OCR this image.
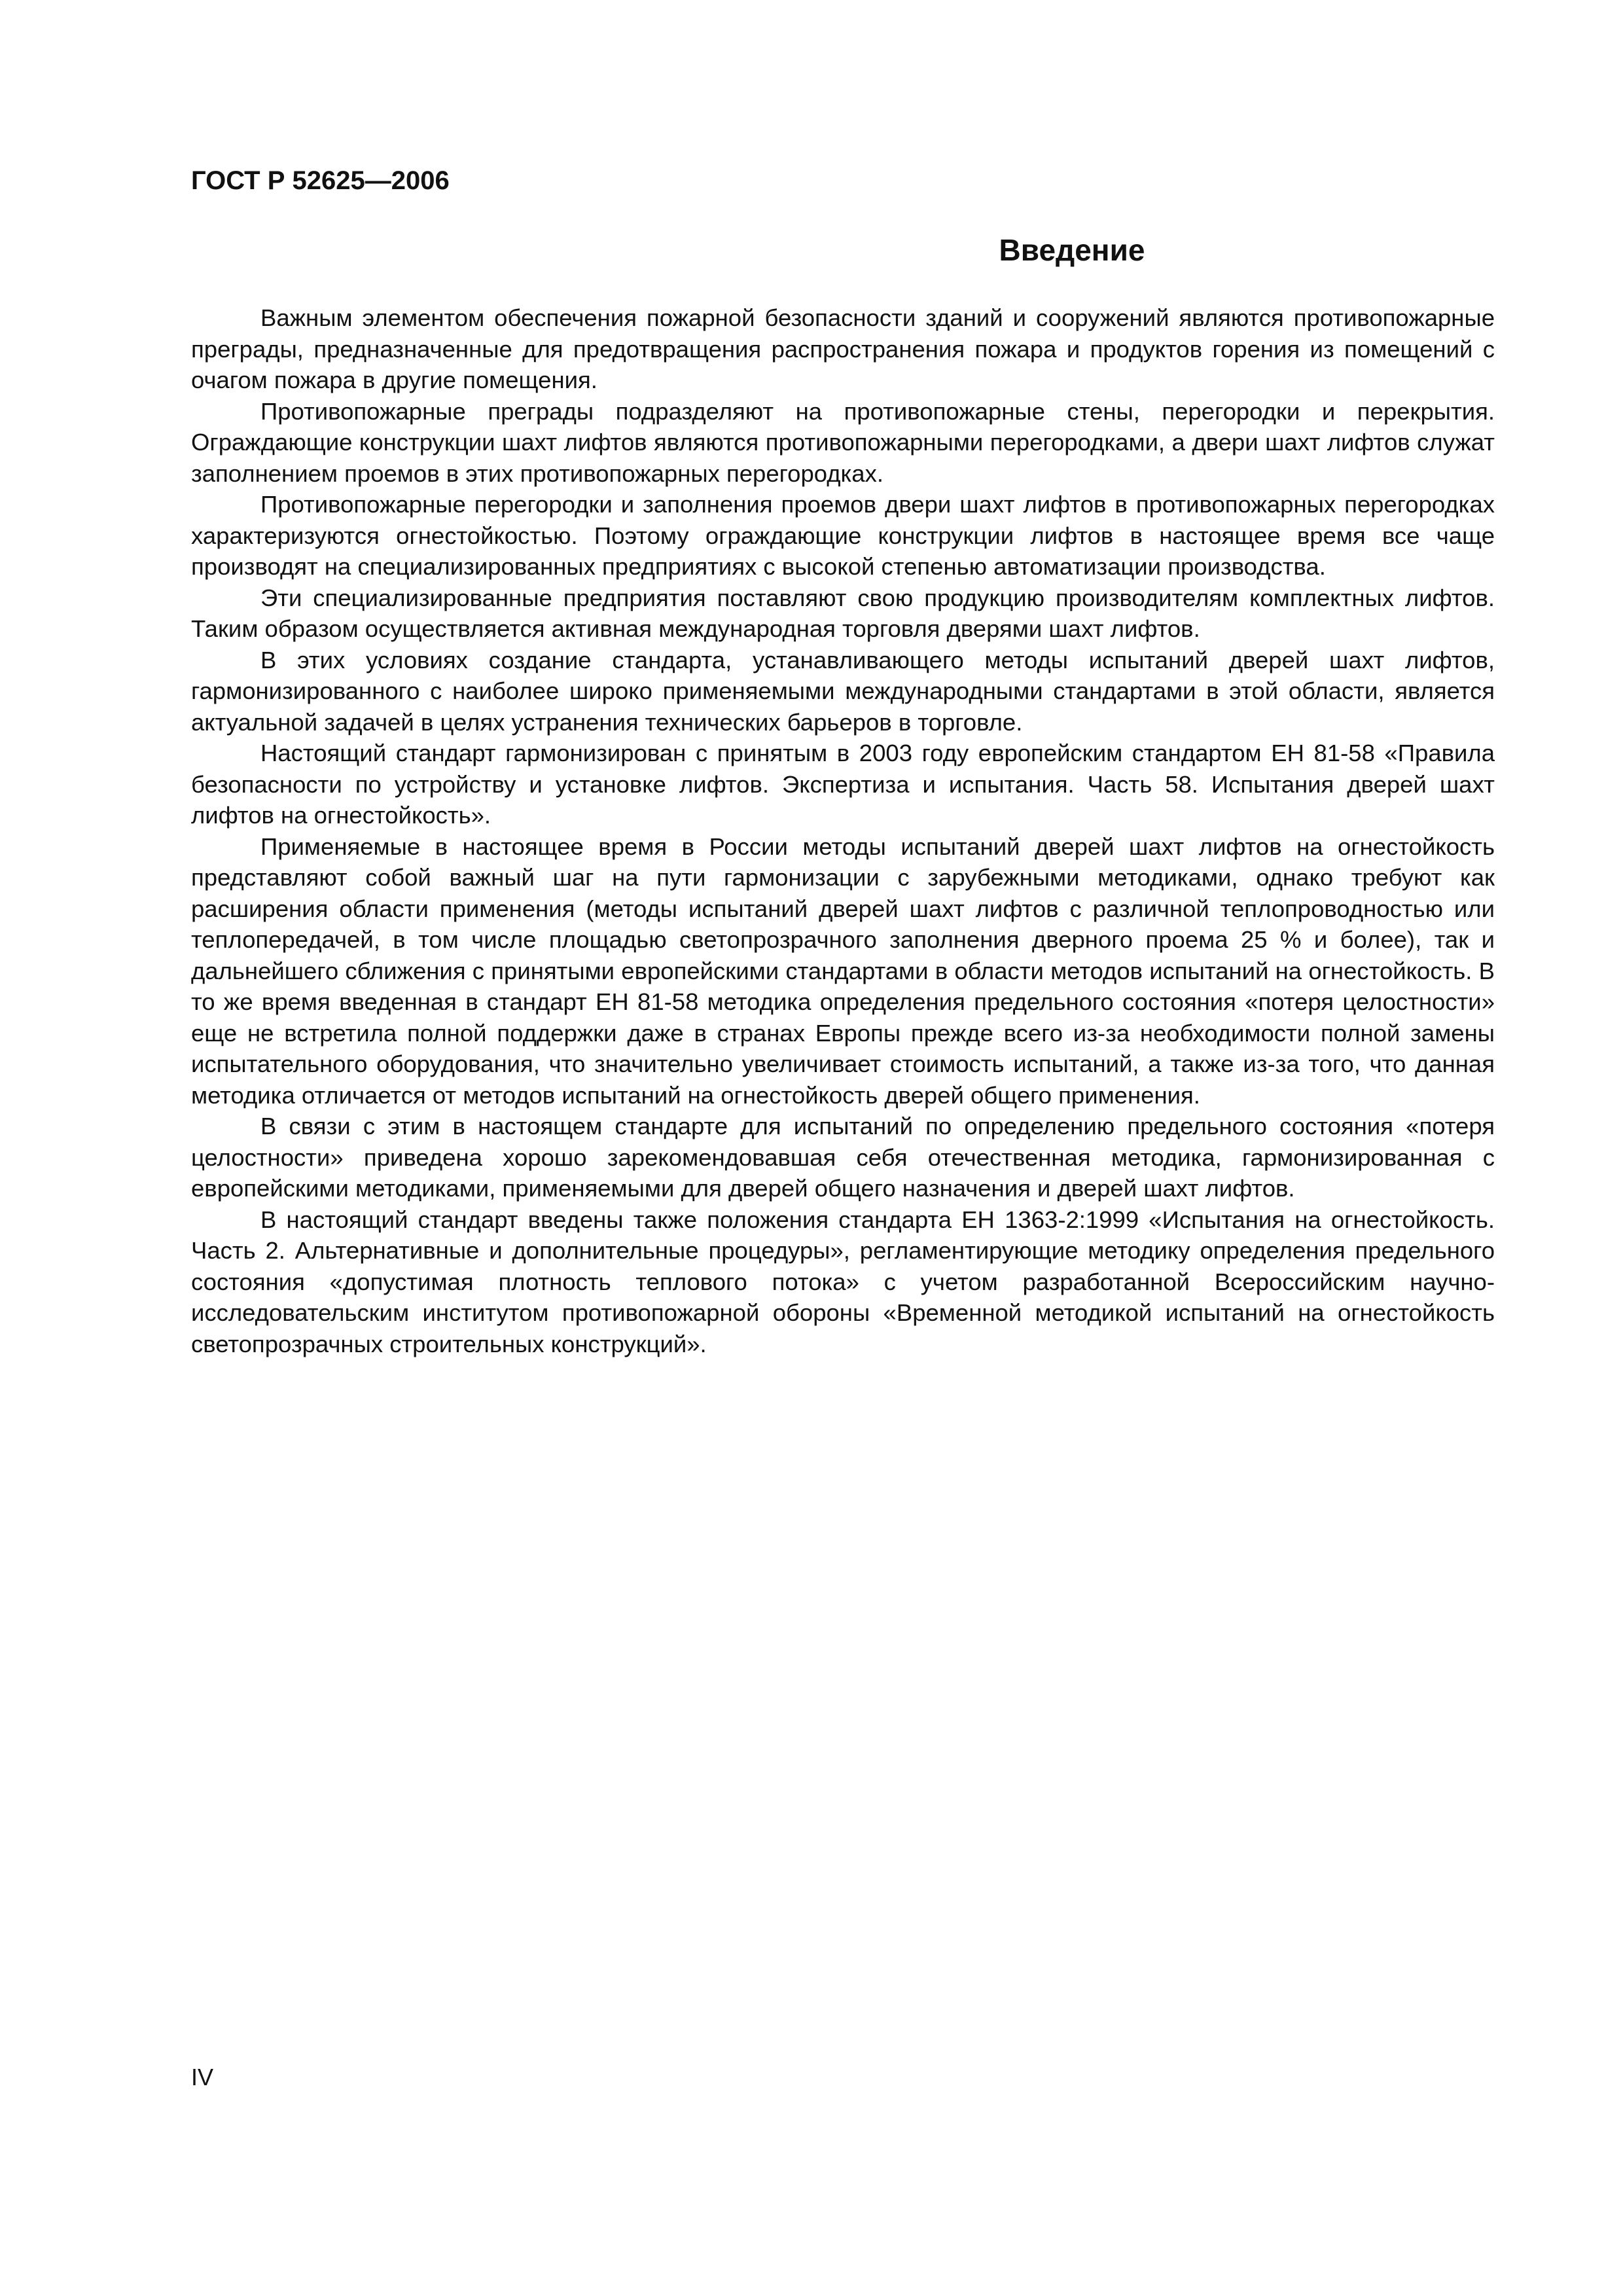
ГОСТ Р 52625—2006

Введение

Важным элементом обеспечения пожарной безопасности зданий и сооружений являются противопожарные преграды, предназначенные для предотвращения распространения пожара и продуктов горения из помещений с очагом пожара в другие помещения.

Противопожарные преграды подразделяют на противопожарные стены, перегородки и перекрытия. Ограждающие конструкции шахт лифтов являются противопожарными перегородками, а двери шахт лифтов служат заполнением проемов в этих противопожарных перегородках.

Противопожарные перегородки и заполнения проемов двери шахт лифтов в противопожарных перегородках характеризуются огнестойкостью. Поэтому ограждающие конструкции лифтов в настоящее время все чаще производят на специализированных предприятиях с высокой степенью автоматизации производства.

Эти специализированные предприятия поставляют свою продукцию производителям комплектных лифтов. Таким образом осуществляется активная международная торговля дверями шахт лифтов.

В этих условиях создание стандарта, устанавливающего методы испытаний дверей шахт лифтов, гармонизированного с наиболее широко применяемыми международными стандартами в этой области, является актуальной задачей в целях устранения технических барьеров в торговле.

Настоящий стандарт гармонизирован с принятым в 2003 году европейским стандартом ЕН 81-58 «Правила безопасности по устройству и установке лифтов. Экспертиза и испытания. Часть 58. Испытания дверей шахт лифтов на огнестойкость».

Применяемые в настоящее время в России методы испытаний дверей шахт лифтов на огнестойкость представляют собой важный шаг на пути гармонизации с зарубежными методиками, однако требуют как расширения области применения (методы испытаний дверей шахт лифтов с различной теплопроводностью или теплопередачей, в том числе площадью светопрозрачного заполнения дверного проема 25 % и более), так и дальнейшего сближения с принятыми европейскими стандартами в области методов испытаний на огнестойкость. В то же время введенная в стандарт ЕН 81-58 методика определения предельного состояния «потеря целостности» еще не встретила полной поддержки даже в странах Европы прежде всего из-за необходимости полной замены испытательного оборудования, что значительно увеличивает стоимость испытаний, а также из-за того, что данная методика отличается от методов испытаний на огнестойкость дверей общего применения.

В связи с этим в настоящем стандарте для испытаний по определению предельного состояния «потеря целостности» приведена хорошо зарекомендовавшая себя отечественная методика, гармонизированная с европейскими методиками, применяемыми для дверей общего назначения и дверей шахт лифтов.

В настоящий стандарт введены также положения стандарта ЕН 1363-2:1999 «Испытания на огнестойкость. Часть 2. Альтернативные и дополнительные процедуры», регламентирующие методику определения предельного состояния «допустимая плотность теплового потока» с учетом разработанной Всероссийским научно-исследовательским институтом противопожарной обороны «Временной методикой испытаний на огнестойкость светопрозрачных строительных конструкций».

IV
